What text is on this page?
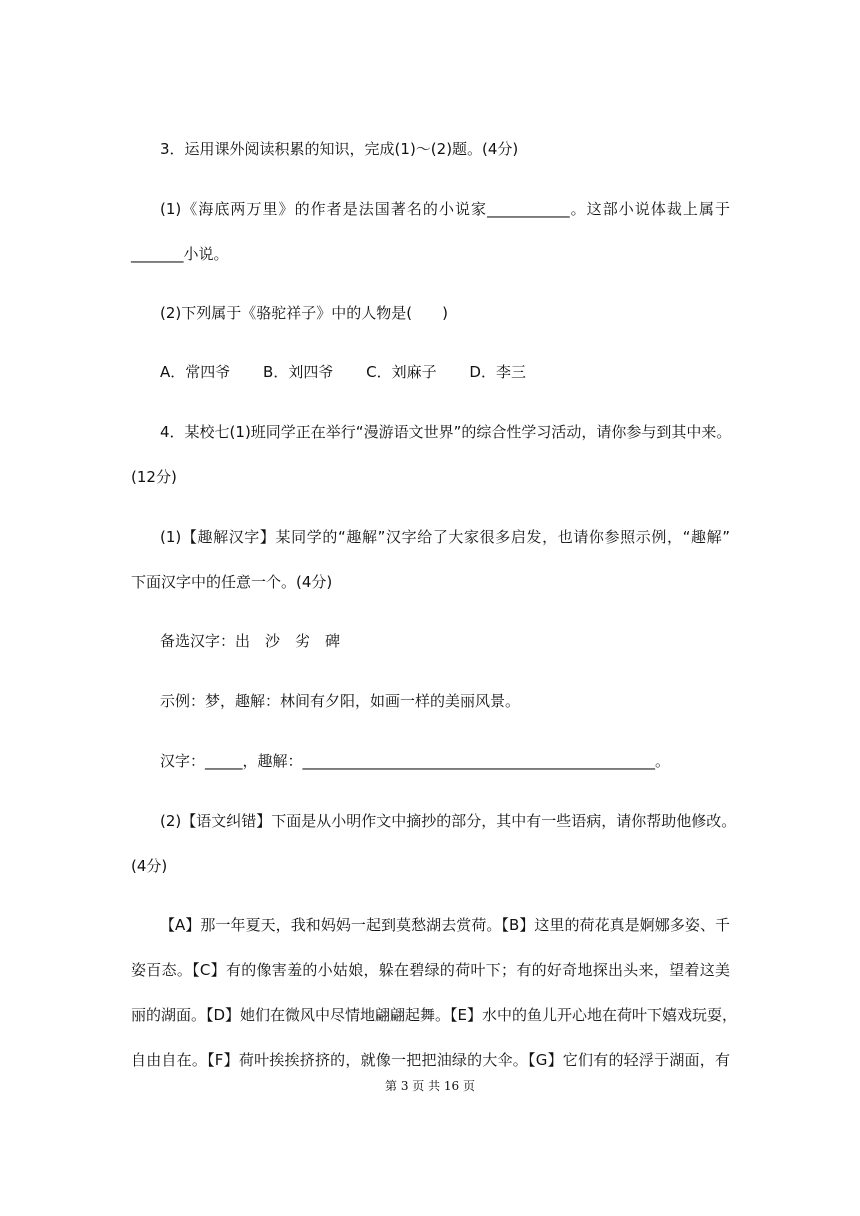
3．运用课外阅读积累的知识，完成(1)～(2)题。(4分)
(1)《海底两万里》的作者是法国著名的小说家___________。这部小说体裁上属于
_______小说。
(2)下列属于《骆驼祥子》中的人物是(　　)
A．常四爷 B．刘四爷 C．刘麻子 D．李三
4．某校七(1)班同学正在举行“漫游语文世界”的综合性学习活动，请你参与到其中来。
(12分)
(1)【趣解汉字】某同学的“趣解”汉字给了大家很多启发，也请你参照示例，“趣解”
下面汉字中的任意一个。(4分)
备选汉字：出　沙　劣　碑
示例：梦，趣解：林间有夕阳，如画一样的美丽风景。
汉字：_____，趣解：_______________________________________________。
(2)【语文纠错】下面是从小明作文中摘抄的部分，其中有一些语病，请你帮助他修改。
(4分)
【A】那一年夏天，我和妈妈一起到莫愁湖去赏荷。【B】这里的荷花真是婀娜多姿、千
姿百态。【C】有的像害羞的小姑娘，躲在碧绿的荷叶下；有的好奇地探出头来，望着这美
丽的湖面。【D】她们在微风中尽情地翩翩起舞。【E】水中的鱼儿开心地在荷叶下嬉戏玩耍，
自由自在。【F】荷叶挨挨挤挤的，就像一把把油绿的大伞。【G】它们有的轻浮于湖面，有
第 3 页 共 16 页
